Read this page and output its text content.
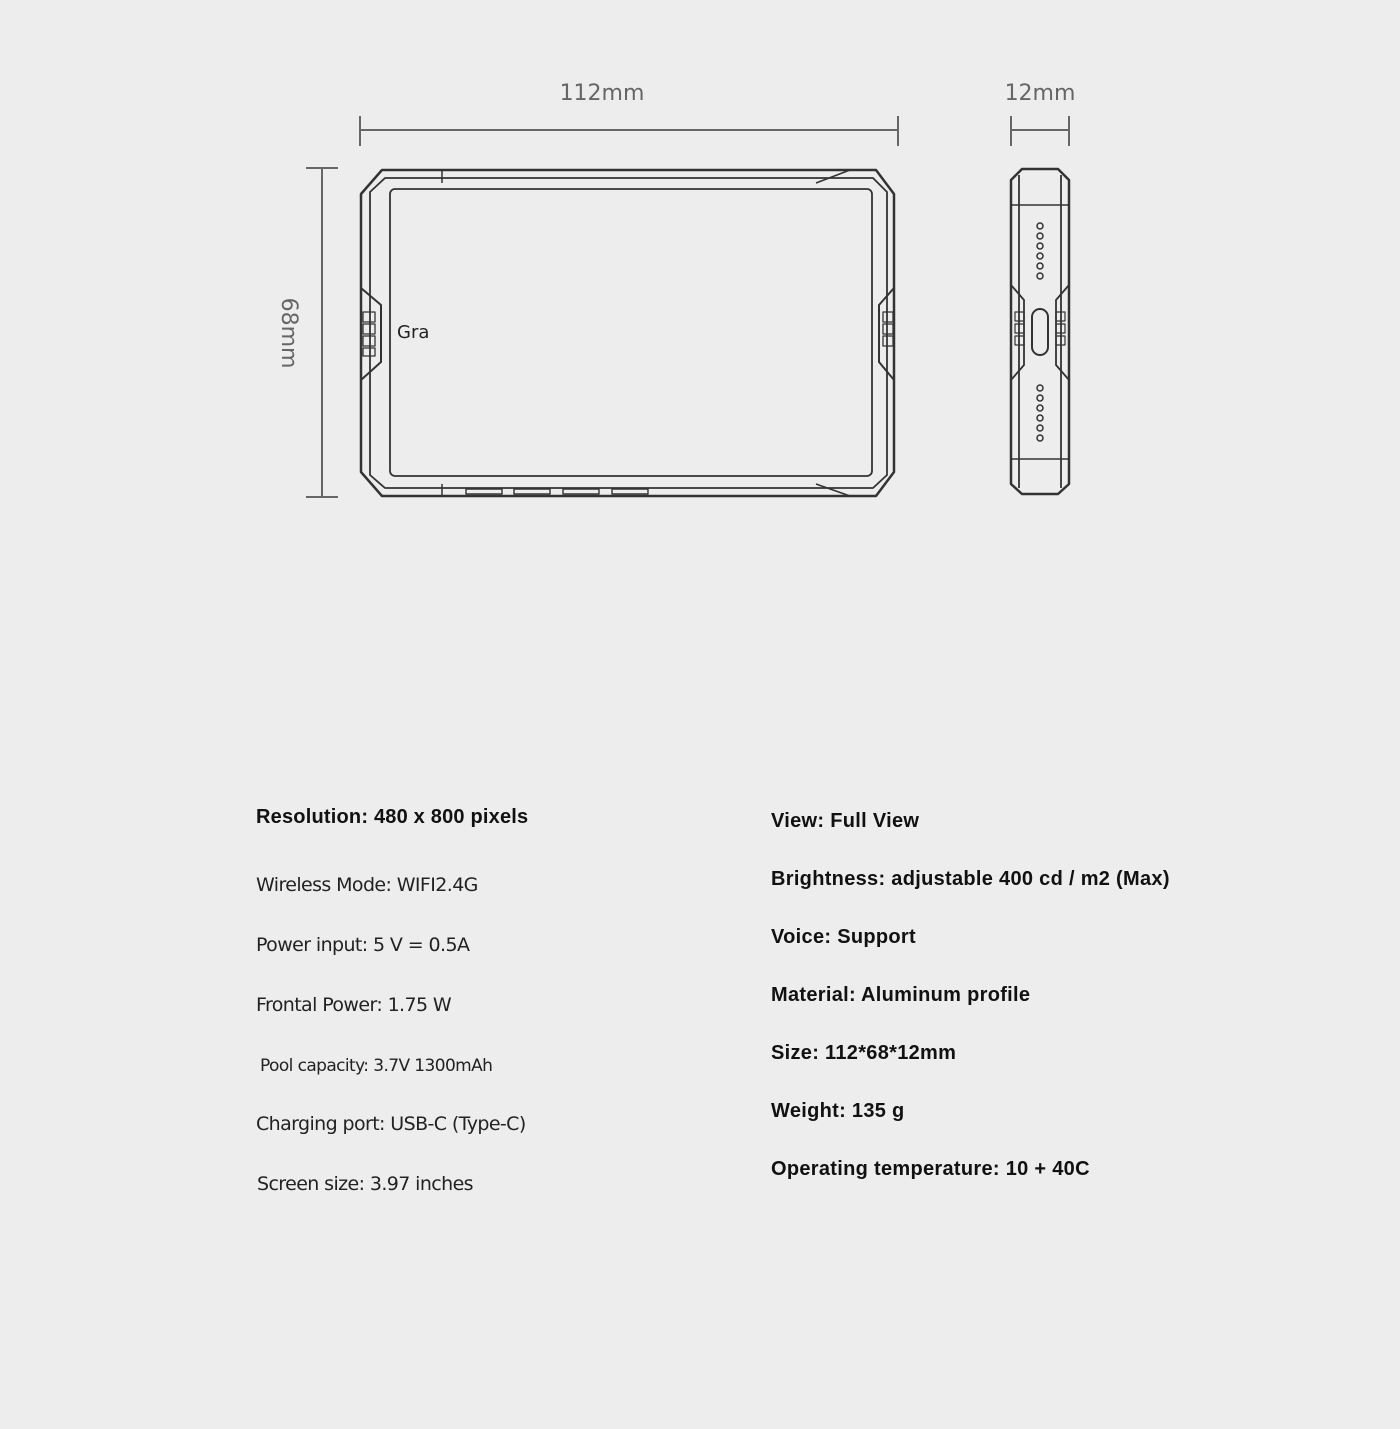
112mm	12mm
68mm	Gra

Resolution: 480 x 800 pixels

Wireless Mode: WIFI2.4G

Power input: 5 V = 0.5A

Frontal Power: 1.75 W

Pool capacity: 3.7V 1300mAh

Charging port: USB-C (Type-C)

Screen size: 3.97 inches

View: Full View

Brightness: adjustable 400 cd / m2 (Max)

Voice: Support

Material: Aluminum profile

Size: 112*68*12mm

Weight: 135 g

Operating temperature: 10 + 40C
